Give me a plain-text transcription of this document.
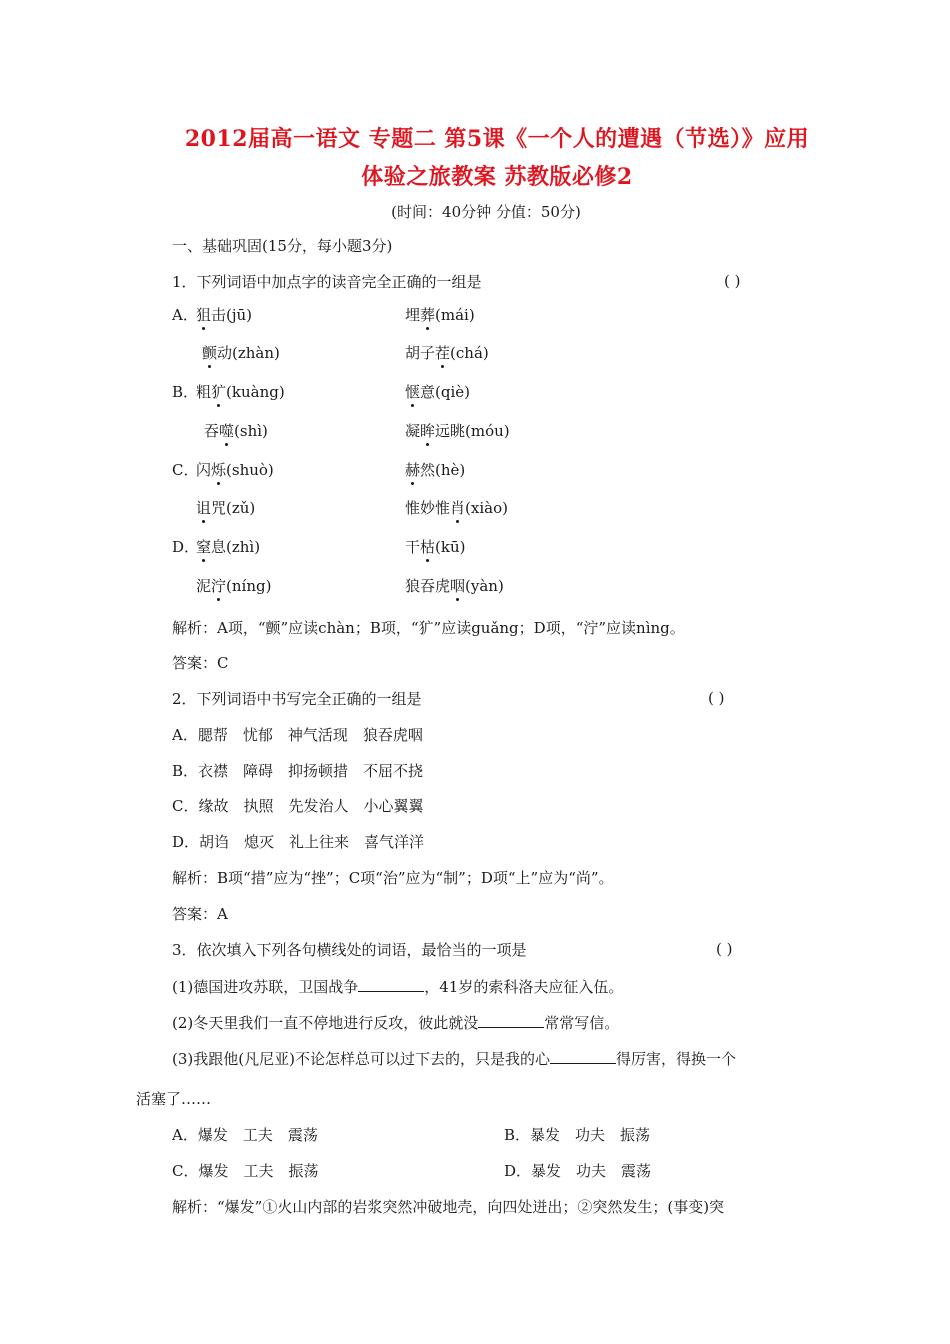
2012届高一语文 专题二 第5课《一个人的遭遇（节选）》应用
体验之旅教案 苏教版必修2
(时间：40分钟 分值：50分)
一、基础巩固(15分，每小题3分)
1．下列词语中加点字的读音完全正确的一组是	( )
A．
狙击(jū)	埋葬(mái)
颤动(zhàn)	胡子茬(chá)
B．
粗犷(kuàng)	惬意(qiè)
吞噬(shì)	凝眸远眺(móu)
C．
闪烁(shuò)	赫然(hè)
诅咒(zǔ)	惟妙惟肖(xiào)
D．
窒息(zhì)	干枯(kū)
泥泞(níng)	狼吞虎咽(yàn)
解析：A项，“颤”应读chàn；B项，“犷”应读guǎng；D项，“泞”应读nìng。
答案：C
2．下列词语中书写完全正确的一组是	( )
A．腮帮　忧郁　神气活现　狼吞虎咽
B．衣襟　障碍　抑扬顿措　不屈不挠
C．缘故　执照　先发治人　小心翼翼
D．胡诌　熄灭　礼上往来　喜气洋洋
解析：B项“措”应为“挫”；C项“治”应为“制”；D项“上”应为“尚”。
答案：A
3．依次填入下列各句横线处的词语，最恰当的一项是	( )
(1)德国进攻苏联，卫国战争	，41岁的索科洛夫应征入伍。
(2)冬天里我们一直不停地进行反攻，彼此就没	常常写信。
(3)我跟他(凡尼亚)不论怎样总可以过下去的，只是我的心	得厉害，得换一个
活塞了……
A．爆发　工夫　震荡	B．暴发　功夫　振荡
C．爆发　工夫　振荡	D．暴发　功夫　震荡
解析：“爆发”①火山内部的岩浆突然冲破地壳，向四处迸出；②突然发生；(事变)突
